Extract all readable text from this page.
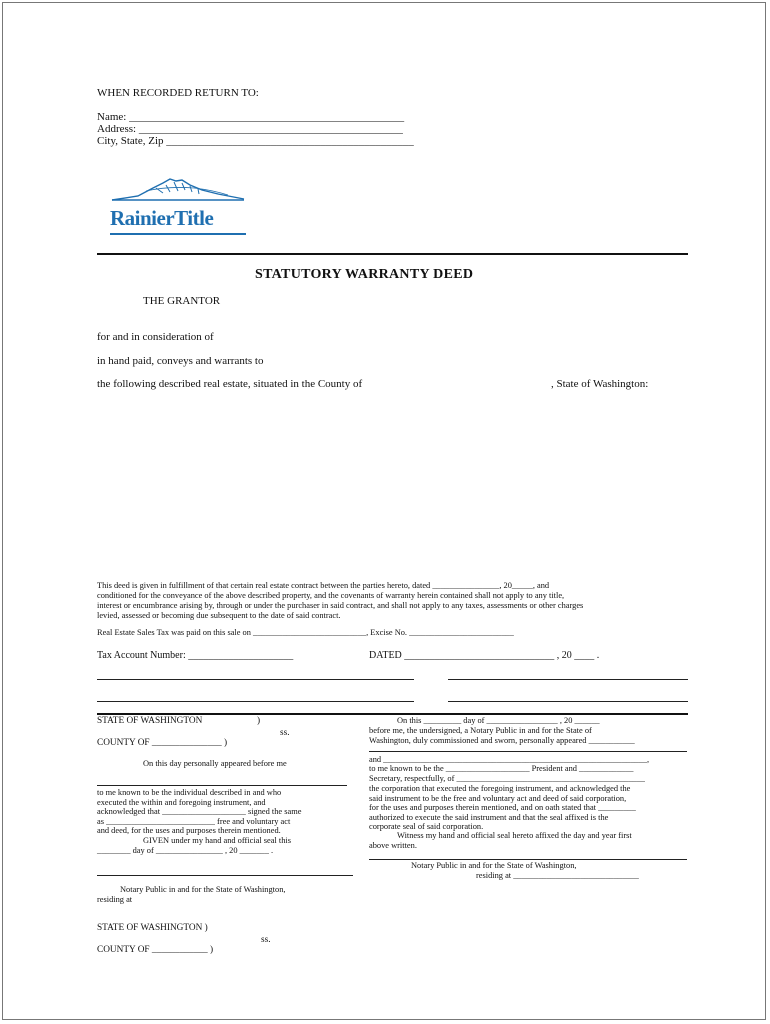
WHEN RECORDED RETURN TO:
Name: __________________________________________________
Address: ________________________________________________
City, State, Zip _____________________________________________
RainierTitle
STATUTORY WARRANTY DEED
THE GRANTOR
for and in consideration of
in hand paid, conveys and warrants to
the following described real estate, situated in the County of	, State of Washington:
This deed is given in fulfillment of that certain real estate contract between the parties hereto, dated ________________, 20_____, and
conditioned for the conveyance of the above described property, and the covenants of warranty herein contained shall not apply to any title,
interest or encumbrance arising by, through or under the purchaser in said contract, and shall not apply to any taxes, assessments or other charges
levied, assessed or becoming due subsequent to the date of said contract.
Real Estate Sales Tax was paid on this sale on ___________________________, Excise No. _________________________
Tax Account Number: _____________________	DATED ______________________________ , 20 ____ .
STATE OF WASHINGTON	)
ss.
COUNTY OF _______________ )
On this day personally appeared before me
to me known to be the individual described in and who
executed the within and foregoing instrument, and
acknowledged that ____________________ signed the same
as __________________________ free and voluntary act
and deed, for the uses and purposes therein mentioned.
GIVEN under my hand and official seal this
________ day of ________________ , 20 _______ .
Notary Public in and for the State of Washington,
residing at
On this _________ day of _________________ , 20 ______
before me, the undersigned, a Notary Public in and for the State of
Washington, duly commissioned and sworn, personally appeared ___________
and _______________________________________________________________,
to me known to be the ____________________ President and _____________
Secretary, respectfully, of _____________________________________________
the corporation that executed the foregoing instrument, and acknowledged the
said instrument to be the free and voluntary act and deed of said corporation,
for the uses and purposes therein mentioned, and on oath stated that _________
authorized to execute the said instrument and that the seal affixed is the
corporate seal of said corporation.
Witness my hand and official seal hereto affixed the day and year first
above written.
Notary Public in and for the State of Washington,
residing at ______________________________
STATE OF WASHINGTON )
ss.
COUNTY OF ____________ )
